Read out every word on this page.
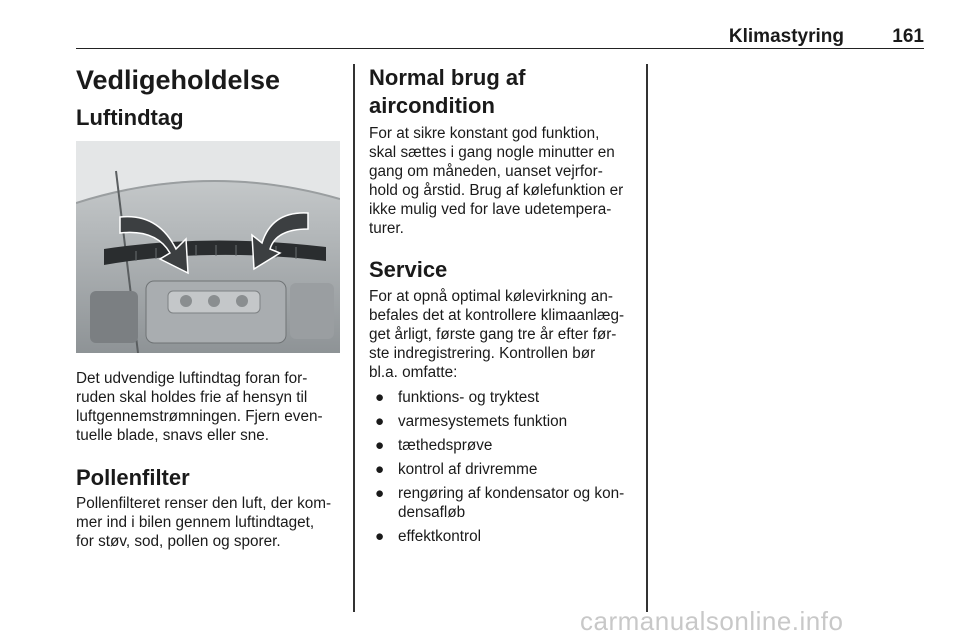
Klimastyring	161
Vedligeholdelse
Luftindtag

Det udvendige luftindtag foran for-
ruden skal holdes frie af hensyn til
luftgennemstrømningen. Fjern even-
tuelle blade, snavs eller sne.

Pollenfilter

Pollenfilteret renser den luft, der kom-
mer ind i bilen gennem luftindtaget,
for støv, sod, pollen og sporer.

Normal brug af aircondition

For at sikre konstant god funktion,
skal sættes i gang nogle minutter en
gang om måneden, uanset vejrfor-
hold og årstid. Brug af kølefunktion er
ikke mulig ved for lave udetempera-
turer.

Service

For at opnå optimal kølevirkning an-
befales det at kontrollere klimaanlæg-
get årligt, første gang tre år efter før-
ste indregistrering. Kontrollen bør
bl.a. omfatte:

● funktions- og tryktest
● varmesystemets funktion
● tæthedsprøve
● kontrol af drivremme
● rengøring af kondensator og kon-
densafløb
● effektkontrol
carmanualsonline.info
